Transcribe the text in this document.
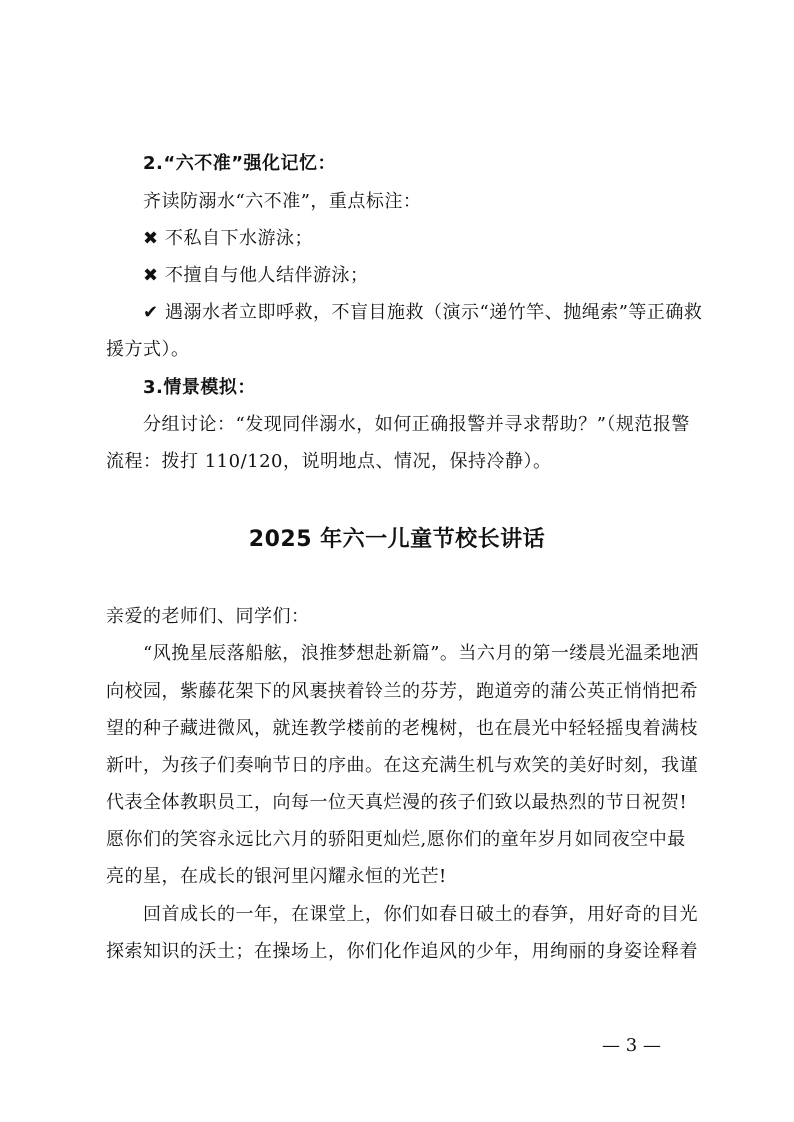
2.“六不准”强化记忆：
齐读防溺水“六不准”，重点标注：
✖ 不私自下水游泳；
✖ 不擅自与他人结伴游泳；
✔ 遇溺水者立即呼救，不盲目施救（演示“递竹竿、抛绳索”等正确救
援方式）。
3.情景模拟：
分组讨论：“发现同伴溺水，如何正确报警并寻求帮助？”（规范报警
流程：拨打 110/120，说明地点、情况，保持冷静）。
2025 年六一儿童节校长讲话
亲爱的老师们、同学们：
“风挽星辰落船舷，浪推梦想赴新篇”。当六月的第一缕晨光温柔地洒
向校园，紫藤花架下的风裹挟着铃兰的芬芳，跑道旁的蒲公英正悄悄把希
望的种子藏进微风，就连教学楼前的老槐树，也在晨光中轻轻摇曳着满枝
新叶，为孩子们奏响节日的序曲。在这充满生机与欢笑的美好时刻，我谨
代表全体教职员工，向每一位天真烂漫的孩子们致以最热烈的节日祝贺!
愿你们的笑容永远比六月的骄阳更灿烂,愿你们的童年岁月如同夜空中最
亮的星，在成长的银河里闪耀永恒的光芒!
回首成长的一年，在课堂上，你们如春日破土的春笋，用好奇的目光
探索知识的沃土；在操场上，你们化作追风的少年，用绚丽的身姿诠释着
— 3 —
